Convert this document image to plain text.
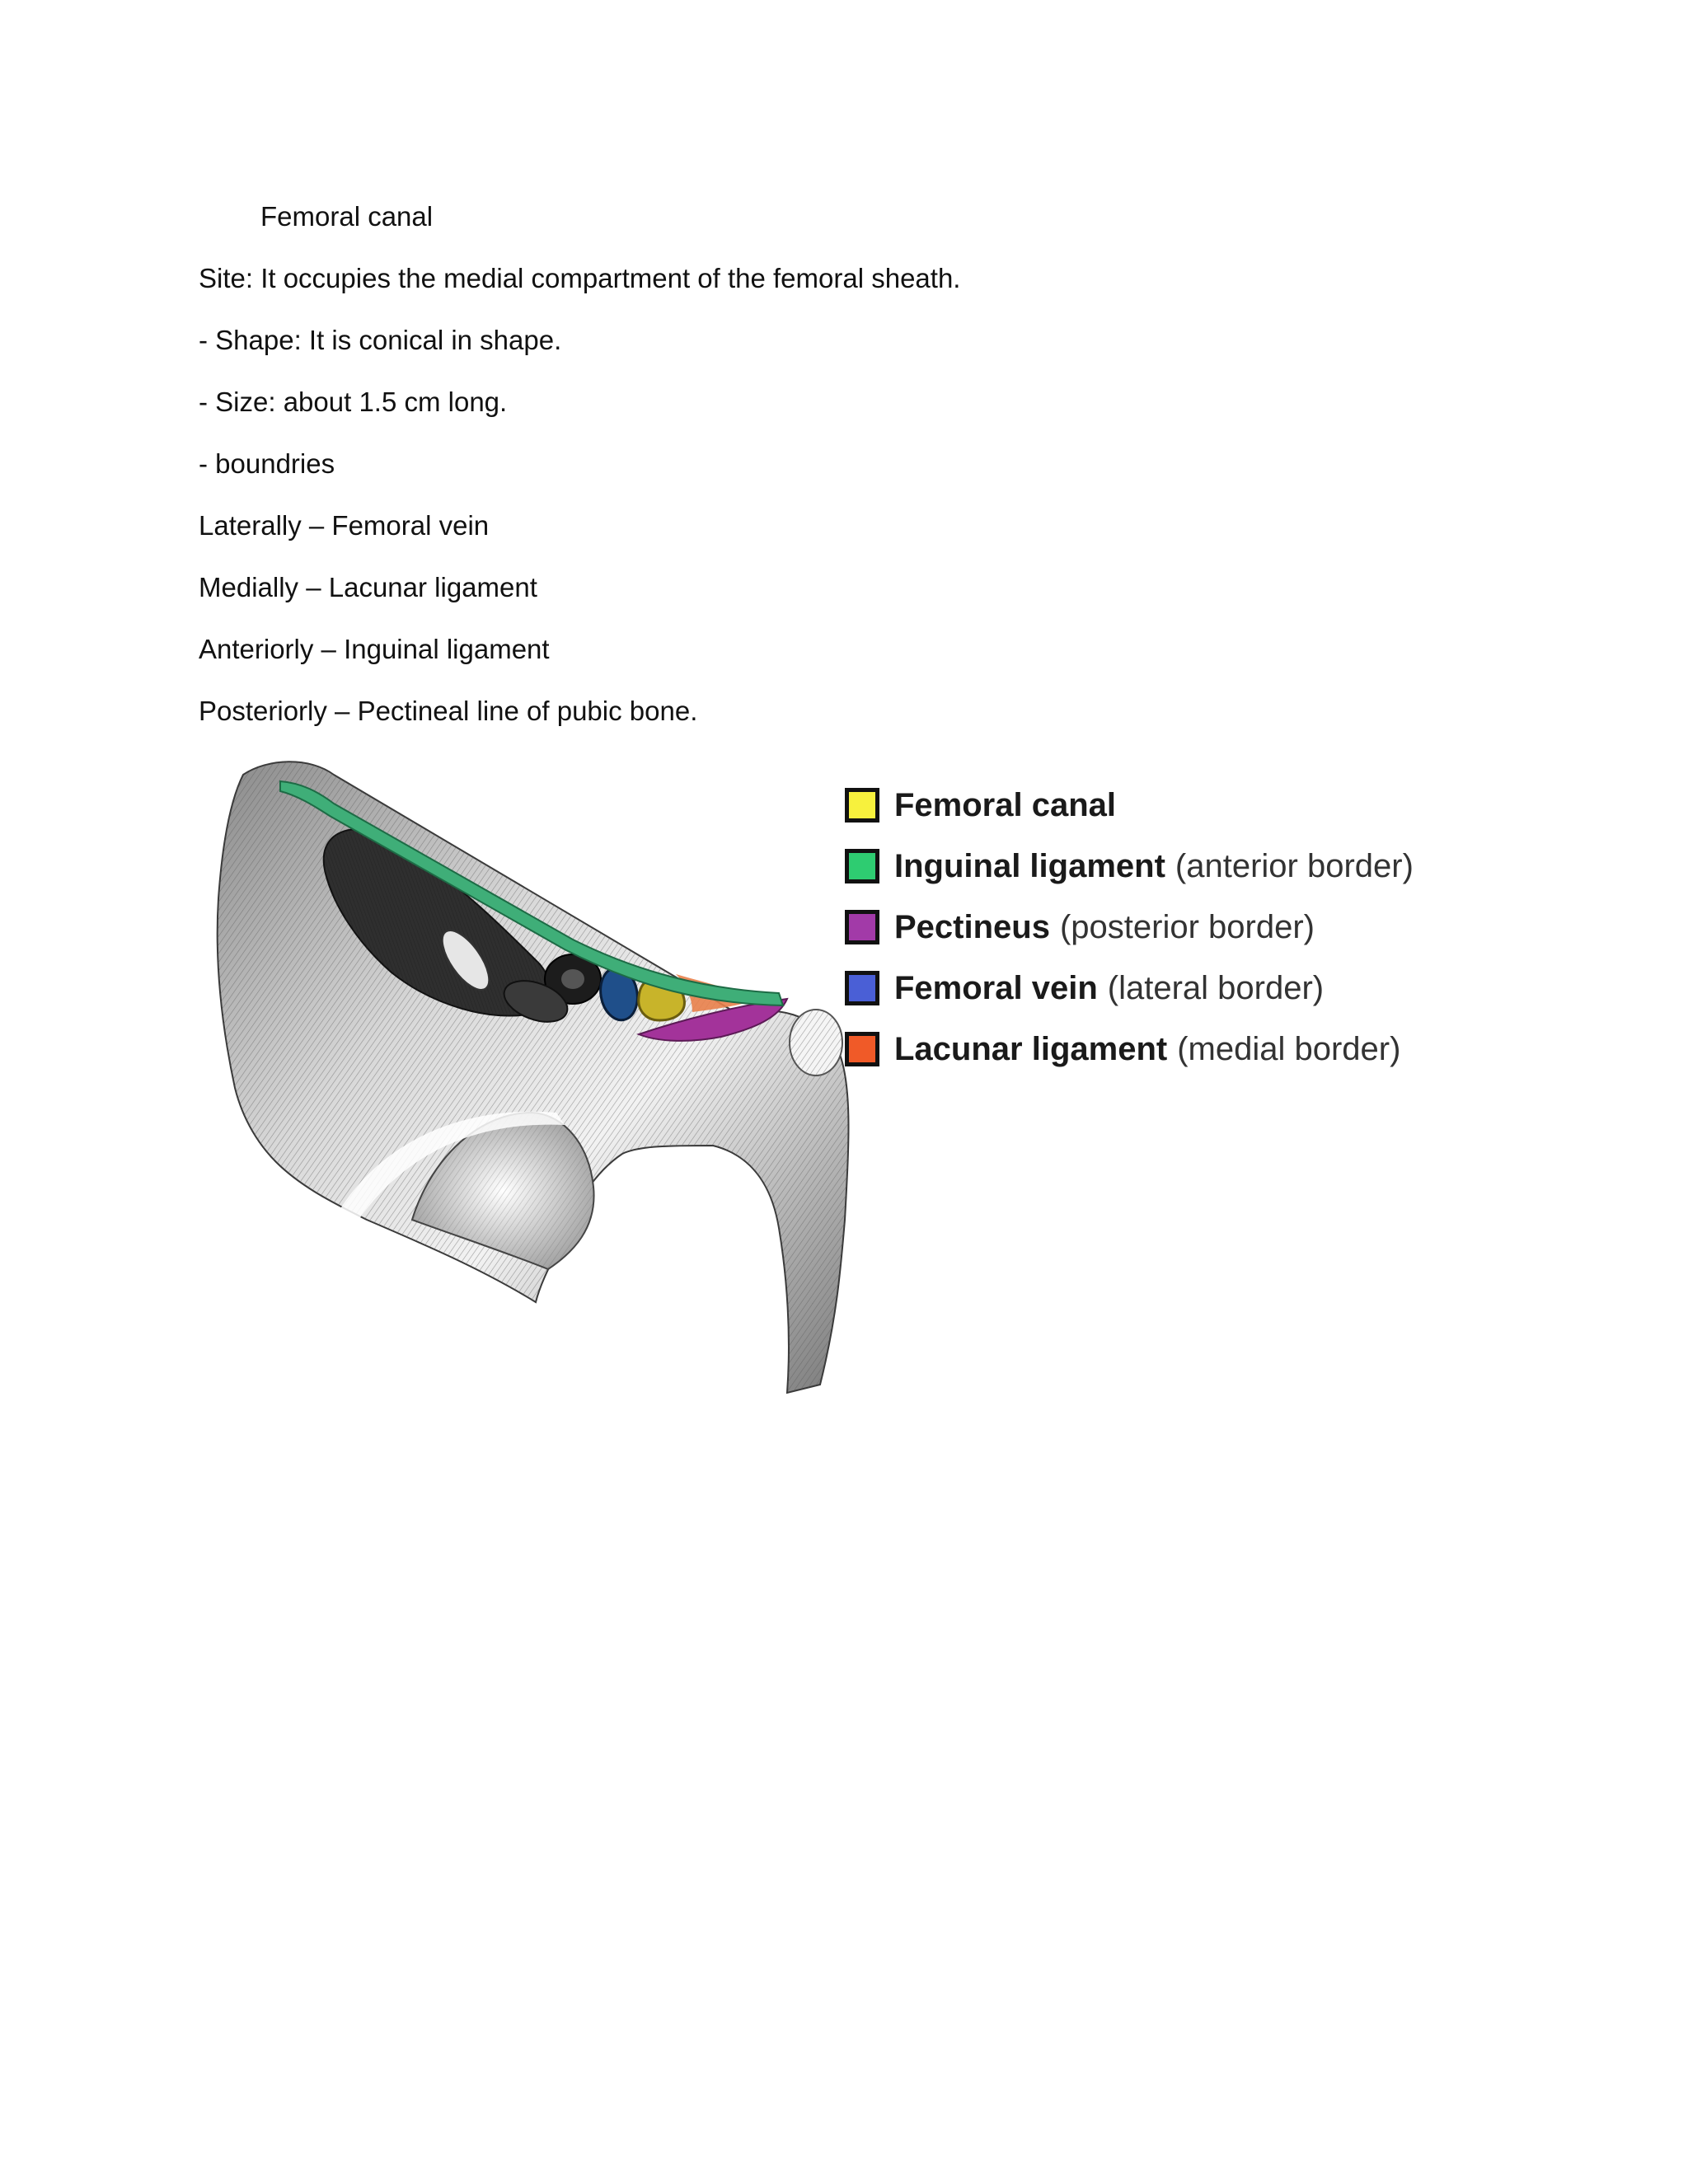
Femoral canal
Site: It occupies the medial compartment of the femoral sheath.
- Shape: It is conical in shape.
- Size: about 1.5 cm long.
- boundries
Laterally – Femoral vein
Medially – Lacunar ligament
Anteriorly – Inguinal ligament
Posteriorly – Pectineal line of pubic bone.
Femoral canal
Inguinal ligament (anterior border)
Pectineus (posterior border)
Femoral vein (lateral border)
Lacunar ligament (medial border)
